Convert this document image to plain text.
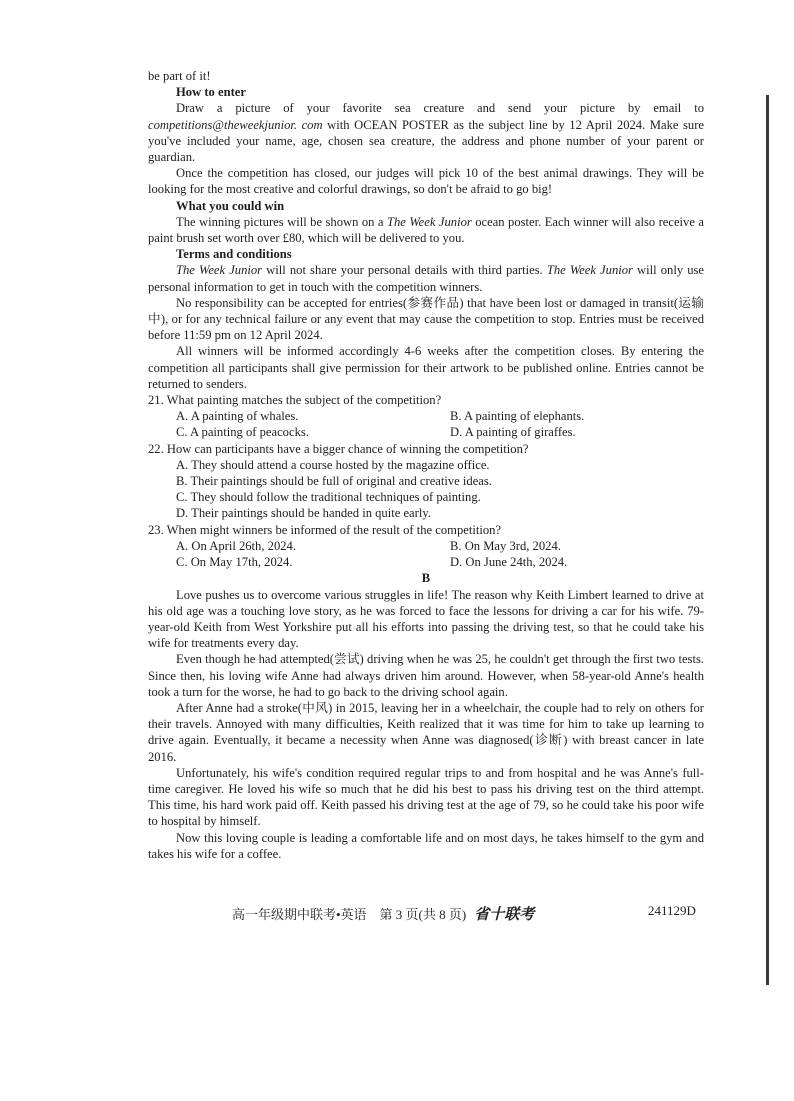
be part of it!

How to enter

Draw a picture of your favorite sea creature and send your picture by email to competitions@theweekjunior. com with OCEAN POSTER as the subject line by 12 April 2024. Make sure you've included your name, age, chosen sea creature, the address and phone number of your parent or guardian.

Once the competition has closed, our judges will pick 10 of the best animal drawings. They will be looking for the most creative and colorful drawings, so don't be afraid to go big!

What you could win

The winning pictures will be shown on a The Week Junior ocean poster. Each winner will also receive a paint brush set worth over £80, which will be delivered to you.

Terms and conditions

The Week Junior will not share your personal details with third parties. The Week Junior will only use personal information to get in touch with the competition winners.

No responsibility can be accepted for entries(参赛作品) that have been lost or damaged in transit(运输中), or for any technical failure or any event that may cause the competition to stop. Entries must be received before 11:59 pm on 12 April 2024.

All winners will be informed accordingly 4-6 weeks after the competition closes. By entering the competition all participants shall give permission for their artwork to be published online. Entries cannot be returned to senders.

21. What painting matches the subject of the competition?

A. A painting of whales.	B. A painting of elephants.
C. A painting of peacocks.	D. A painting of giraffes.

22. How can participants have a bigger chance of winning the competition?

A. They should attend a course hosted by the magazine office.
B. Their paintings should be full of original and creative ideas.
C. They should follow the traditional techniques of painting.
D. Their paintings should be handed in quite early.

23. When might winners be informed of the result of the competition?

A. On April 26th, 2024.	B. On May 3rd, 2024.
C. On May 17th, 2024.	D. On June 24th, 2024.

B

Love pushes us to overcome various struggles in life! The reason why Keith Limbert learned to drive at his old age was a touching love story, as he was forced to face the lessons for driving a car for his wife. 79-year-old Keith from West Yorkshire put all his efforts into passing the driving test, so that he could take his wife for treatments every day.

Even though he had attempted(尝试) driving when he was 25, he couldn't get through the first two tests. Since then, his loving wife Anne had always driven him around. However, when 58-year-old Anne's health took a turn for the worse, he had to go back to the driving school again.

After Anne had a stroke(中风) in 2015, leaving her in a wheelchair, the couple had to rely on others for their travels. Annoyed with many difficulties, Keith realized that it was time for him to take up learning to drive again. Eventually, it became a necessity when Anne was diagnosed(诊断) with breast cancer in late 2016.

Unfortunately, his wife's condition required regular trips to and from hospital and he was Anne's full-time caregiver. He loved his wife so much that he did his best to pass his driving test on the third attempt. This time, his hard work paid off. Keith passed his driving test at the age of 79, so he could take his poor wife to hospital by himself.

Now this loving couple is leading a comfortable life and on most days, he takes himself to the gym and takes his wife for a coffee.

高一年级期中联考•英语　第 3 页(共 8 页) 省十联考	241129D
